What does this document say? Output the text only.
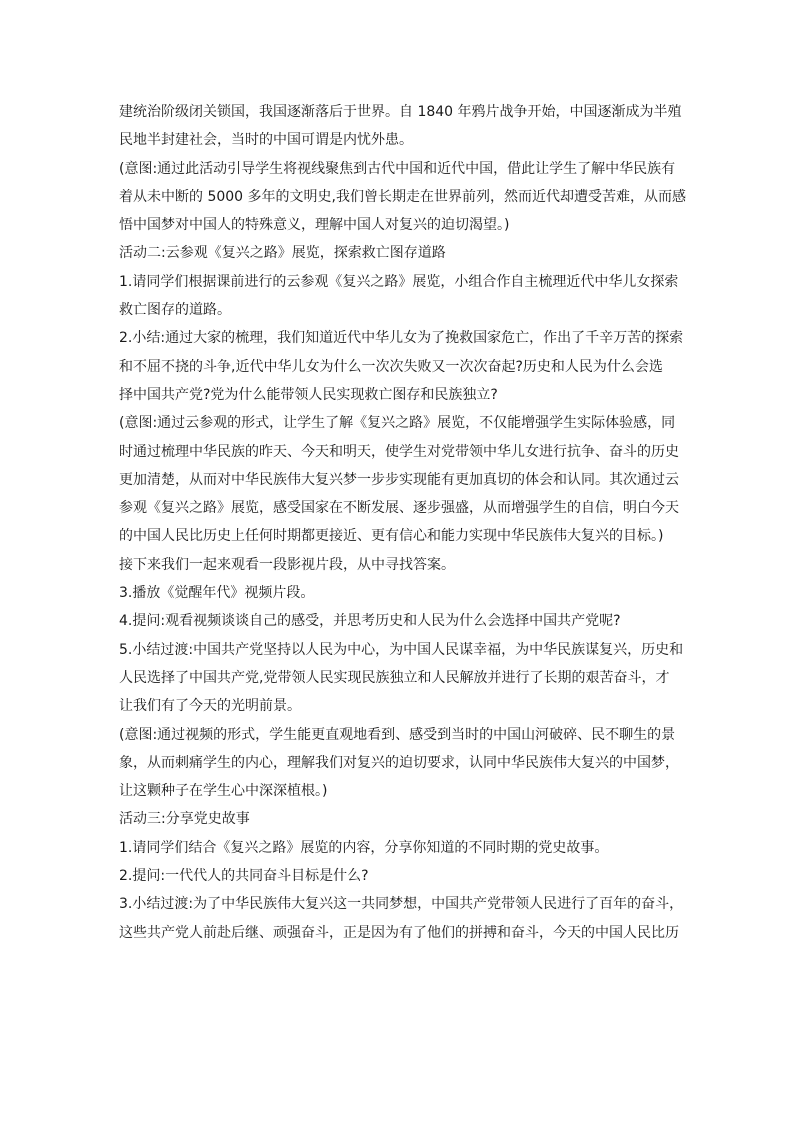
建统治阶级闭关锁国，我国逐渐落后于世界。自 1840 年鸦片战争开始，中国逐渐成为半殖
民地半封建社会，当时的中国可谓是内忧外患。
(意图:通过此活动引导学生将视线聚焦到古代中国和近代中国，借此让学生了解中华民族有
着从未中断的 5000 多年的文明史,我们曾长期走在世界前列，然而近代却遭受苦难，从而感
悟中国梦对中国人的特殊意义，理解中国人对复兴的迫切渴望。)
活动二:云参观《复兴之路》展览，探索救亡图存道路
1.请同学们根据课前进行的云参观《复兴之路》展览，小组合作自主梳理近代中华儿女探索
救亡图存的道路。
2.小结:通过大家的梳理，我们知道近代中华儿女为了挽救国家危亡，作出了千辛万苦的探索
和不屈不挠的斗争,近代中华儿女为什么一次次失败又一次次奋起?历史和人民为什么会选
择中国共产党?党为什么能带领人民实现救亡图存和民族独立?
(意图:通过云参观的形式，让学生了解《复兴之路》展览，不仅能增强学生实际体验感，同
时通过梳理中华民族的昨天、今天和明天，使学生对党带领中华儿女进行抗争、奋斗的历史
更加清楚，从而对中华民族伟大复兴梦一步步实现能有更加真切的体会和认同。其次通过云
参观《复兴之路》展览，感受国家在不断发展、逐步强盛，从而增强学生的自信，明白今天
的中国人民比历史上任何时期都更接近、更有信心和能力实现中华民族伟大复兴的目标。)
接下来我们一起来观看一段影视片段，从中寻找答案。
3.播放《觉醒年代》视频片段。
4.提问:观看视频谈谈自己的感受，并思考历史和人民为什么会选择中国共产党呢?
5.小结过渡:中国共产党坚持以人民为中心，为中国人民谋幸福，为中华民族谋复兴，历史和
人民选择了中国共产党,党带领人民实现民族独立和人民解放并进行了长期的艰苦奋斗，才
让我们有了今天的光明前景。
(意图:通过视频的形式，学生能更直观地看到、感受到当时的中国山河破碎、民不聊生的景
象，从而刺痛学生的内心，理解我们对复兴的迫切要求，认同中华民族伟大复兴的中国梦，
让这颗种子在学生心中深深植根。)
活动三:分享党史故事
1.请同学们结合《复兴之路》展览的内容，分享你知道的不同时期的党史故事。
2.提问:一代代人的共同奋斗目标是什么?
3.小结过渡:为了中华民族伟大复兴这一共同梦想，中国共产党带领人民进行了百年的奋斗，
这些共产党人前赴后继、顽强奋斗，正是因为有了他们的拼搏和奋斗，今天的中国人民比历
